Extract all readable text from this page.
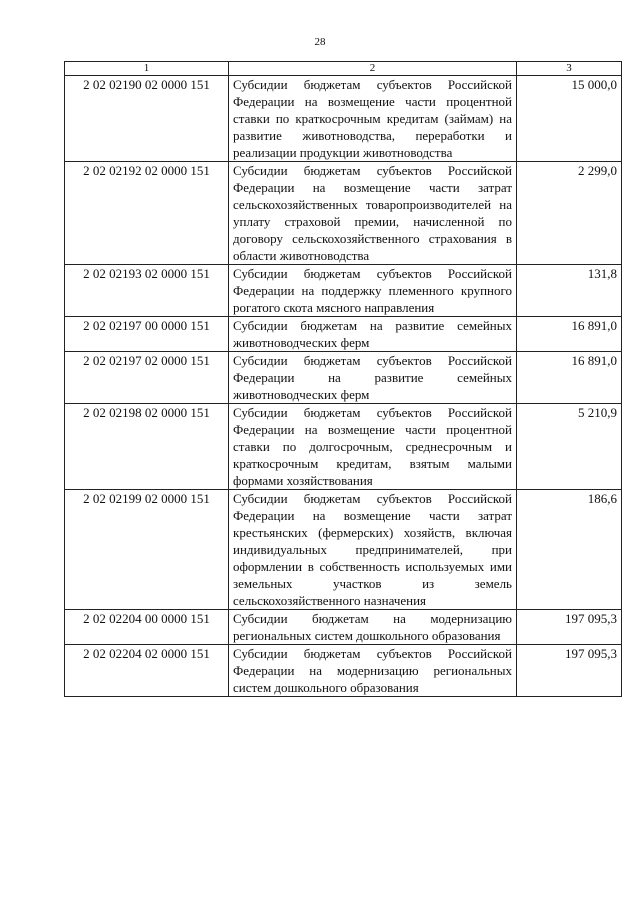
28
1	2	3
2 02 02190 02 0000 151	Субсидии бюджетам субъектов Российской Федерации на возмещение части процентной ставки по краткосрочным кредитам (займам) на развитие животноводства, переработки и реализации продукции животноводства	15 000,0
2 02 02192 02 0000 151	Субсидии бюджетам субъектов Российской Федерации на возмещение части затрат сельскохозяйственных товаропроизводителей на уплату страховой премии, начисленной по договору сельскохозяйственного страхования в области животноводства	2 299,0
2 02 02193 02 0000 151	Субсидии бюджетам субъектов Российской Федерации на поддержку племенного крупного рогатого скота мясного направления	131,8
2 02 02197 00 0000 151	Субсидии бюджетам на развитие семейных животноводческих ферм	16 891,0
2 02 02197 02 0000 151	Субсидии бюджетам субъектов Российской Федерации на развитие семейных животноводческих ферм	16 891,0
2 02 02198 02 0000 151	Субсидии бюджетам субъектов Российской Федерации на возмещение части процентной ставки по долгосрочным, среднесрочным и краткосрочным кредитам, взятым малыми формами хозяйствования	5 210,9
2 02 02199 02 0000 151	Субсидии бюджетам субъектов Российской Федерации на возмещение части затрат крестьянских (фермерских) хозяйств, включая индивидуальных предпринимателей, при оформлении в собственность используемых ими земельных участков из земель сельскохозяйственного назначения	186,6
2 02 02204 00 0000 151	Субсидии бюджетам на модернизацию региональных систем дошкольного образования	197 095,3
2 02 02204 02 0000 151	Субсидии бюджетам субъектов Российской Федерации на модернизацию региональных систем дошкольного образования	197 095,3
